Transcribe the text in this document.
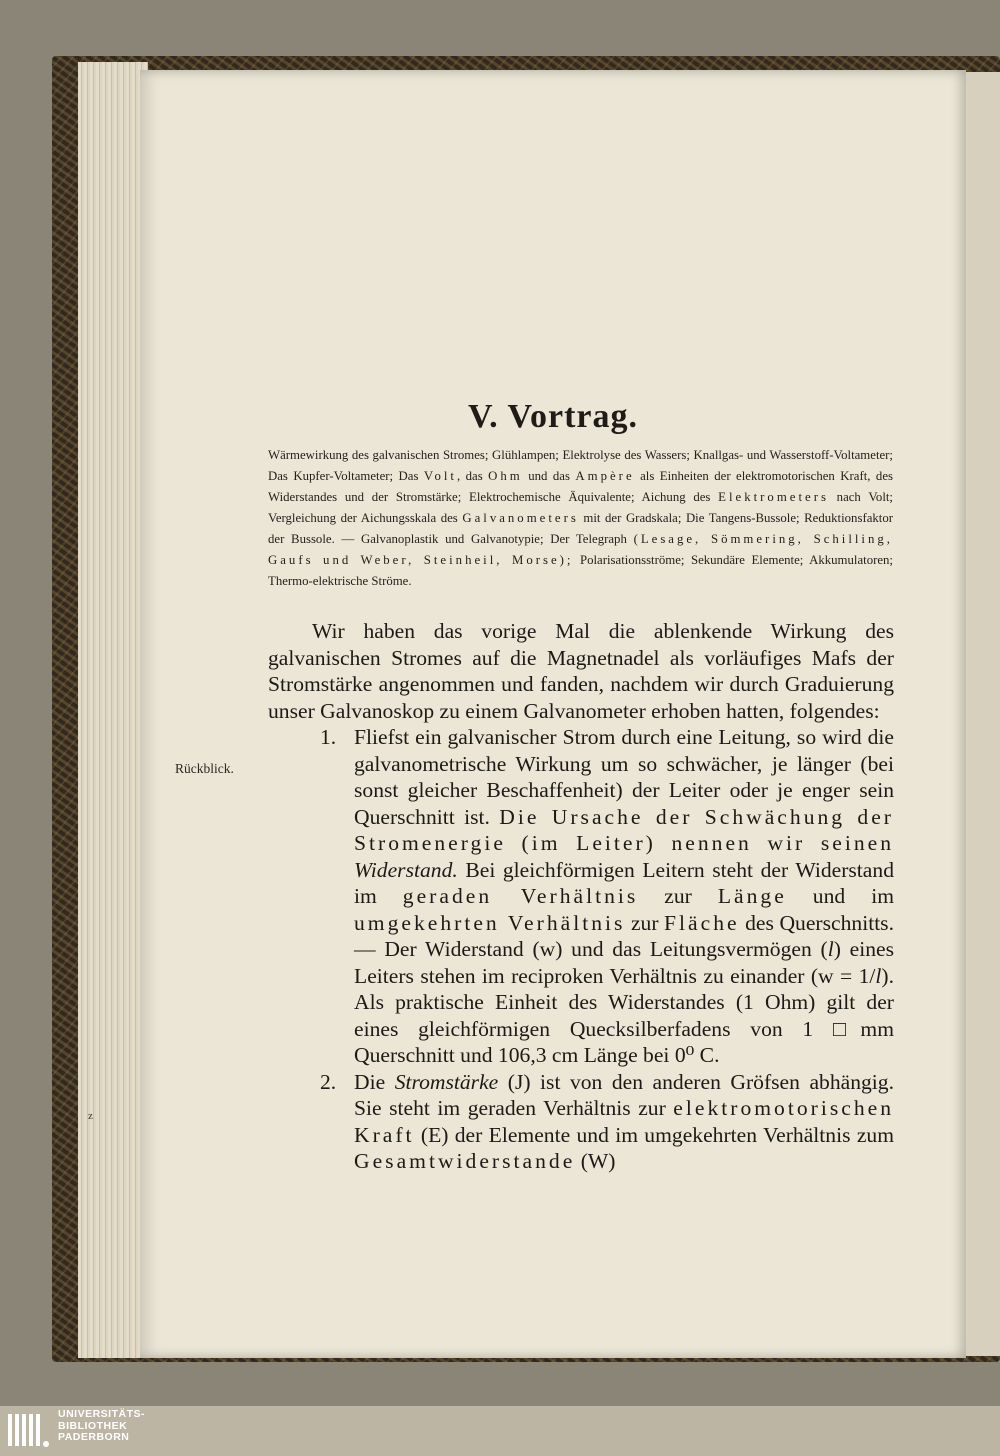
V. Vortrag.

Wärmewirkung des galvanischen Stromes; Glühlampen; Elektrolyse des Wassers; Knallgas- und Wasserstoff-Voltameter; Das Kupfer-Voltameter; Das Volt, das Ohm und das Ampère als Einheiten der elektromotorischen Kraft, des Widerstandes und der Stromstärke; Elektrochemische Äquivalente; Aichung des Elektrometers nach Volt; Vergleichung der Aichungsskala des Galvanometers mit der Gradskala; Die Tangens-Bussole; Reduktionsfaktor der Bussole. — Galvanoplastik und Galvanotypie; Der Telegraph (Lesage, Sömmering, Schilling, Gaufs und Weber, Steinheil, Morse); Polarisationsströme; Sekundäre Elemente; Akkumulatoren; Thermo-elektrische Ströme.

Rückblick.
z

Wir haben das vorige Mal die ablenkende Wirkung des galvanischen Stromes auf die Magnetnadel als vorläufiges Mafs der Stromstärke angenommen und fanden, nachdem wir durch Graduierung unser Galvanoskop zu einem Galvanometer erhoben hatten, folgendes:

1. Fliefst ein galvanischer Strom durch eine Leitung, so wird die galvanometrische Wirkung um so schwächer, je länger (bei sonst gleicher Beschaffenheit) der Leiter oder je enger sein Querschnitt ist. Die Ursache der Schwächung der Stromenergie (im Leiter) nennen wir seinen Widerstand. Bei gleichförmigen Leitern steht der Widerstand im geraden Verhältnis zur Länge und im umgekehrten Verhältnis zur Fläche des Querschnitts. — Der Widerstand (w) und das Leitungsvermögen (l) eines Leiters stehen im reciproken Verhältnis zu einander (w = 1/l). Als praktische Einheit des Widerstandes (1 Ohm) gilt der eines gleichförmigen Quecksilberfadens von 1 □mm Querschnitt und 106,3 cm Länge bei 0⁰ C.

2. Die Stromstärke (J) ist von den anderen Gröfsen abhängig. Sie steht im geraden Verhältnis zur elektromotorischen Kraft (E) der Elemente und im umgekehrten Verhältnis zum Gesamtwiderstande (W)

UNIVERSITÄTS-
BIBLIOTHEK
PADERBORN
